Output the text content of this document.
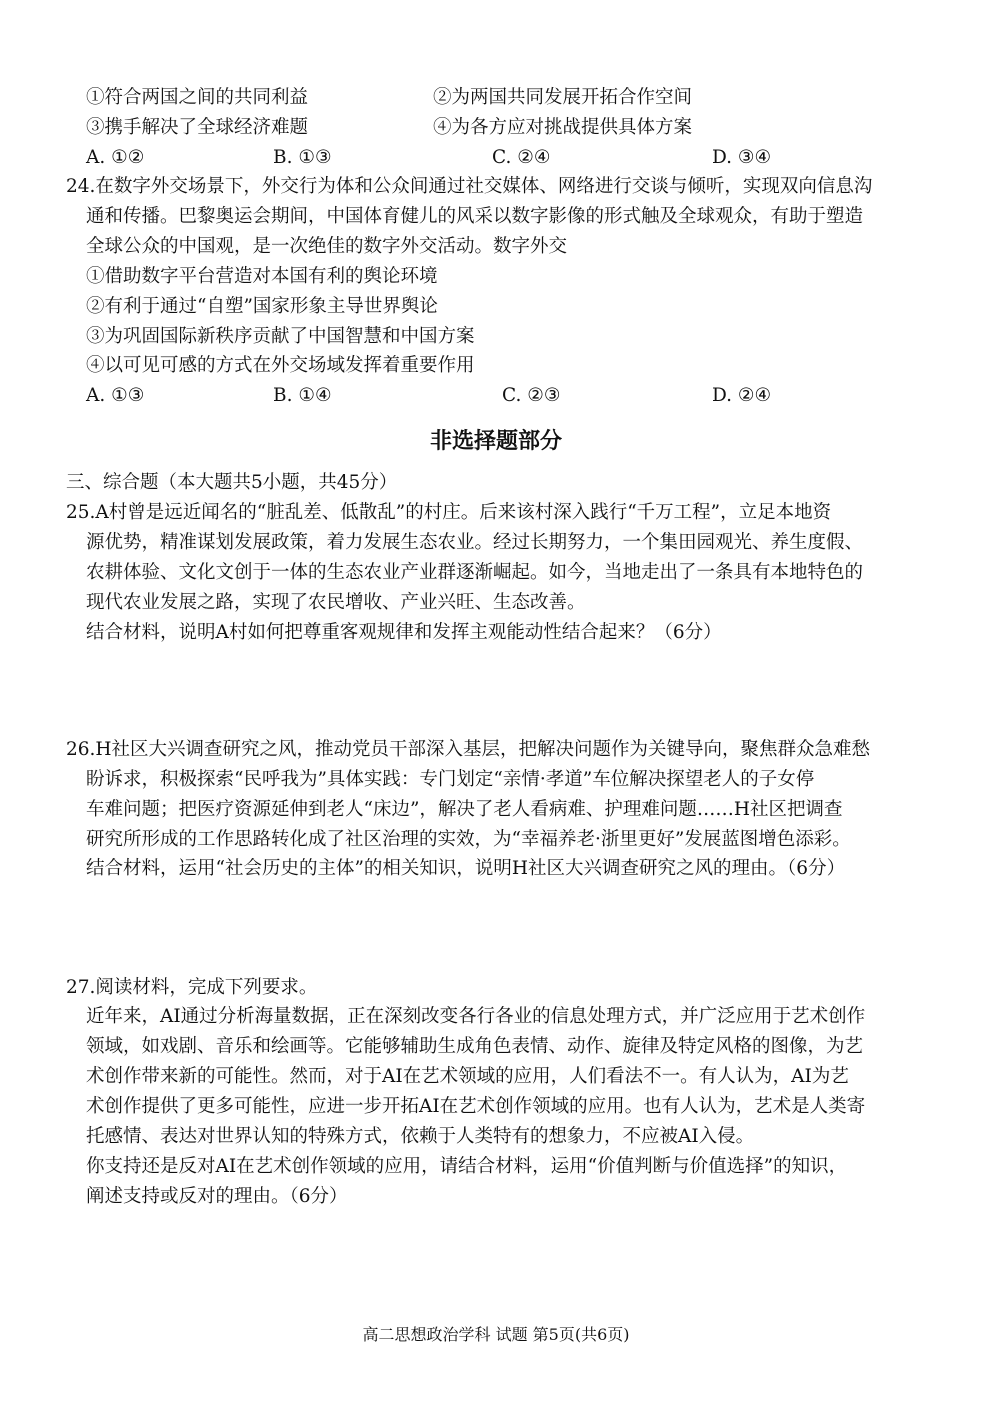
①符合两国之间的共同利益	②为两国共同发展开拓合作空间
③携手解决了全球经济难题	④为各方应对挑战提供具体方案
A. ①②	B. ①③	C. ②④	D. ③④
24.在数字外交场景下，外交行为体和公众间通过社交媒体、网络进行交谈与倾听，实现双向信息沟
通和传播。巴黎奥运会期间，中国体育健儿的风采以数字影像的形式触及全球观众，有助于塑造
全球公众的中国观，是一次绝佳的数字外交活动。数字外交
①借助数字平台营造对本国有利的舆论环境
②有利于通过“自塑”国家形象主导世界舆论
③为巩固国际新秩序贡献了中国智慧和中国方案
④以可见可感的方式在外交场域发挥着重要作用
A. ①③	B. ①④	C. ②③	D. ②④
非选择题部分
三、综合题（本大题共5小题，共45分）
25.A村曾是远近闻名的“脏乱差、低散乱”的村庄。后来该村深入践行“千万工程”，立足本地资
源优势，精准谋划发展政策，着力发展生态农业。经过长期努力，一个集田园观光、养生度假、
农耕体验、文化文创于一体的生态农业产业群逐渐崛起。如今，当地走出了一条具有本地特色的
现代农业发展之路，实现了农民增收、产业兴旺、生态改善。
结合材料，说明A村如何把尊重客观规律和发挥主观能动性结合起来？（6分）
26.H社区大兴调查研究之风，推动党员干部深入基层，把解决问题作为关键导向，聚焦群众急难愁
盼诉求，积极探索“民呼我为”具体实践：专门划定“亲情·孝道”车位解决探望老人的子女停
车难问题；把医疗资源延伸到老人“床边”，解决了老人看病难、护理难问题……H社区把调查
研究所形成的工作思路转化成了社区治理的实效，为“幸福养老·浙里更好”发展蓝图增色添彩。
结合材料，运用“社会历史的主体”的相关知识，说明H社区大兴调查研究之风的理由。（6分）
27.阅读材料，完成下列要求。
近年来，AI通过分析海量数据，正在深刻改变各行各业的信息处理方式，并广泛应用于艺术创作
领域，如戏剧、音乐和绘画等。它能够辅助生成角色表情、动作、旋律及特定风格的图像，为艺
术创作带来新的可能性。然而，对于AI在艺术领域的应用，人们看法不一。有人认为，AI为艺
术创作提供了更多可能性，应进一步开拓AI在艺术创作领域的应用。也有人认为，艺术是人类寄
托感情、表达对世界认知的特殊方式，依赖于人类特有的想象力，不应被AI入侵。
你支持还是反对AI在艺术创作领域的应用，请结合材料，运用“价值判断与价值选择”的知识，
阐述支持或反对的理由。（6分）
高二思想政治学科 试题 第5页(共6页)
